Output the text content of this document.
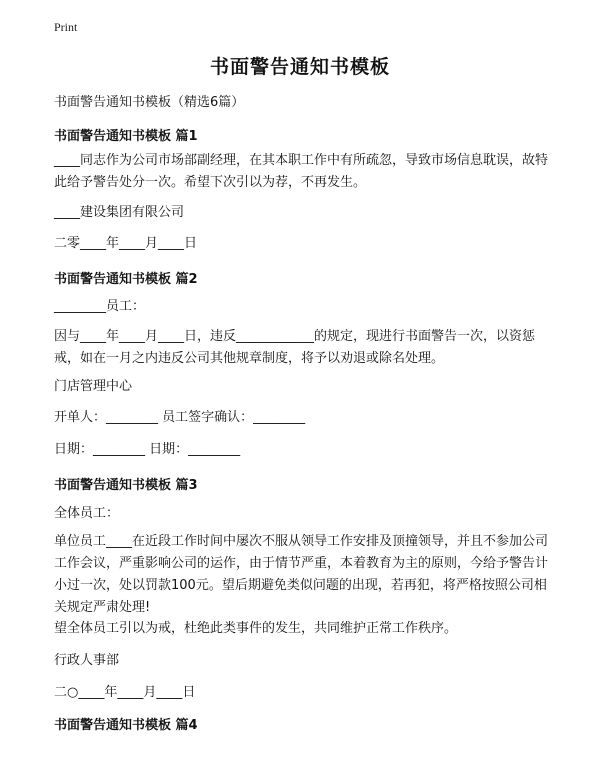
Print
书面警告通知书模板
书面警告通知书模板（精选6篇）
书面警告通知书模板 篇1
____同志作为公司市场部副经理，在其本职工作中有所疏忽，导致市场信息耽误，故特此给予警告处分一次。希望下次引以为荐，不再发生。
____建设集团有限公司
二零____年____月____日
书面警告通知书模板 篇2
________员工：
因与____年____月____日，违反____________的规定，现进行书面警告一次，以资惩戒，如在一月之内违反公司其他规章制度，将予以劝退或除名处理。
门店管理中心
开单人：________ 员工签字确认：________
日期：________ 日期：________
书面警告通知书模板 篇3
全体员工：
单位员工____在近段工作时间中屡次不服从领导工作安排及顶撞领导，并且不参加公司工作会议，严重影响公司的运作，由于情节严重，本着教育为主的原则，今给予警告计小过一次，处以罚款100元。望后期避免类似问题的出现，若再犯，将严格按照公司相关规定严肃处理!
望全体员工引以为戒，杜绝此类事件的发生，共同维护正常工作秩序。
行政人事部
二○____年____月____日
书面警告通知书模板 篇4
